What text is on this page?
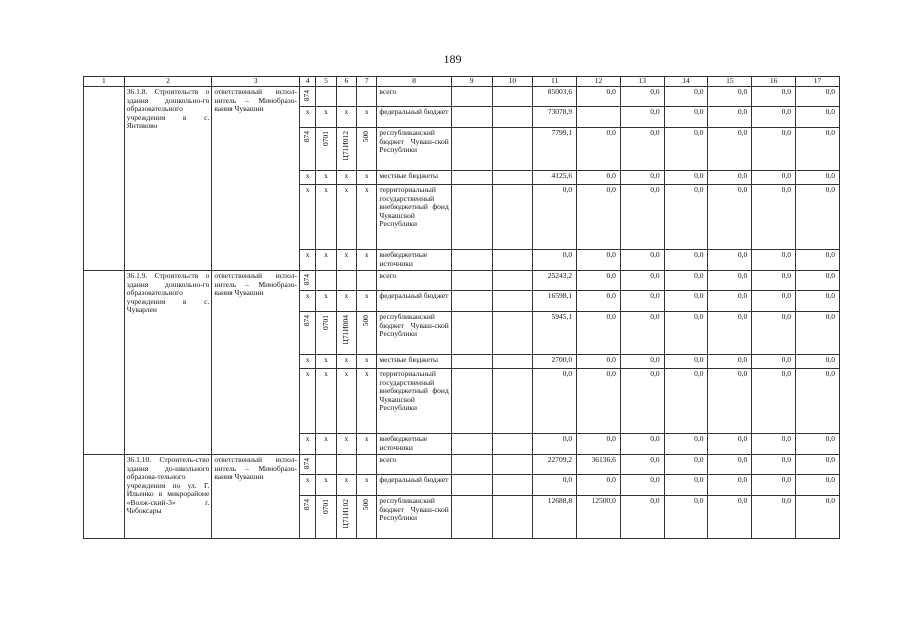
189
1	2	3	4	5	6	7	8	9	10	11	12	13	14	15	16	17
	36.1.8. Строительств о здания дошкольно-го образовательного учреждения в с. Янтиково	ответственный испол-нитель – Минобразо-вания Чувашии	874				всего			85003,6	0,0	0,0	0,0	0,0	0,0	0,0
			x	x	x	x	федеральный бюджет			73078,9		0,0	0,0	0,0	0,0	0,0

			874	0701	Ц71И012	500	республиканский бюджет Чуваш-ской Республики			7799,1	0,0	0,0	0,0	0,0	0,0	0,0
			x	x	x	x	местные бюджеты			4125,6	0,0	0,0	0,0	0,0	0,0	0,0
			x	x	x	x	территориальный государственный внебюджетный фонд Чувашской Республики			0,0	0,0	0,0	0,0	0,0	0,0	0,0
			x	x	x	x	внебюджетные источники			0,0	0,0	0,0	0,0	0,0	0,0	0,0
	36.1.9. Строительств о здания дошкольно-го образовательного учреждения в с. Чуварлеи	ответственный испол-нитель – Минобразо-вания Чувашии	874				всего			25243,2	0,0	0,0	0,0	0,0	0,0	0,0
			x	x	x	x	федеральный бюджет			16598,1	0,0	0,0	0,0	0,0	0,0	0,0

			874	0701	Ц71И004	500	республиканский бюджет Чуваш-ской Республики			5945,1	0,0	0,0	0,0	0,0	0,0	0,0
			x	x	x	x	местные бюджеты			2700,0	0,0	0,0	0,0	0,0	0,0	0,0
			x	x	x	x	территориальный государственный внебюджетный фонд Чувашской Республики			0,0	0,0	0,0	0,0	0,0	0,0	0,0
			x	x	x	x	внебюджетные источники			0,0	0,0	0,0	0,0	0,0	0,0	0,0
	36.1.10. Строитель-ство здания до-школьного образова-тельного учреждения по ул. Г. Ильенко в микрорайоне «Волж-ский-3» г. Чебоксары	ответственный испол-нитель – Минобразо-вания Чувашии	874				всего			22709,2	36136,6	0,0	0,0	0,0	0,0	0,0
			x	x	x	x	федеральный бюджет			0,0	0,0	0,0	0,0	0,0	0,0	0,0

			874	0701	Ц71И102	500	республиканский бюджет Чуваш-ской Республики			12688,8	12500,0	0,0	0,0	0,0	0,0	0,0
